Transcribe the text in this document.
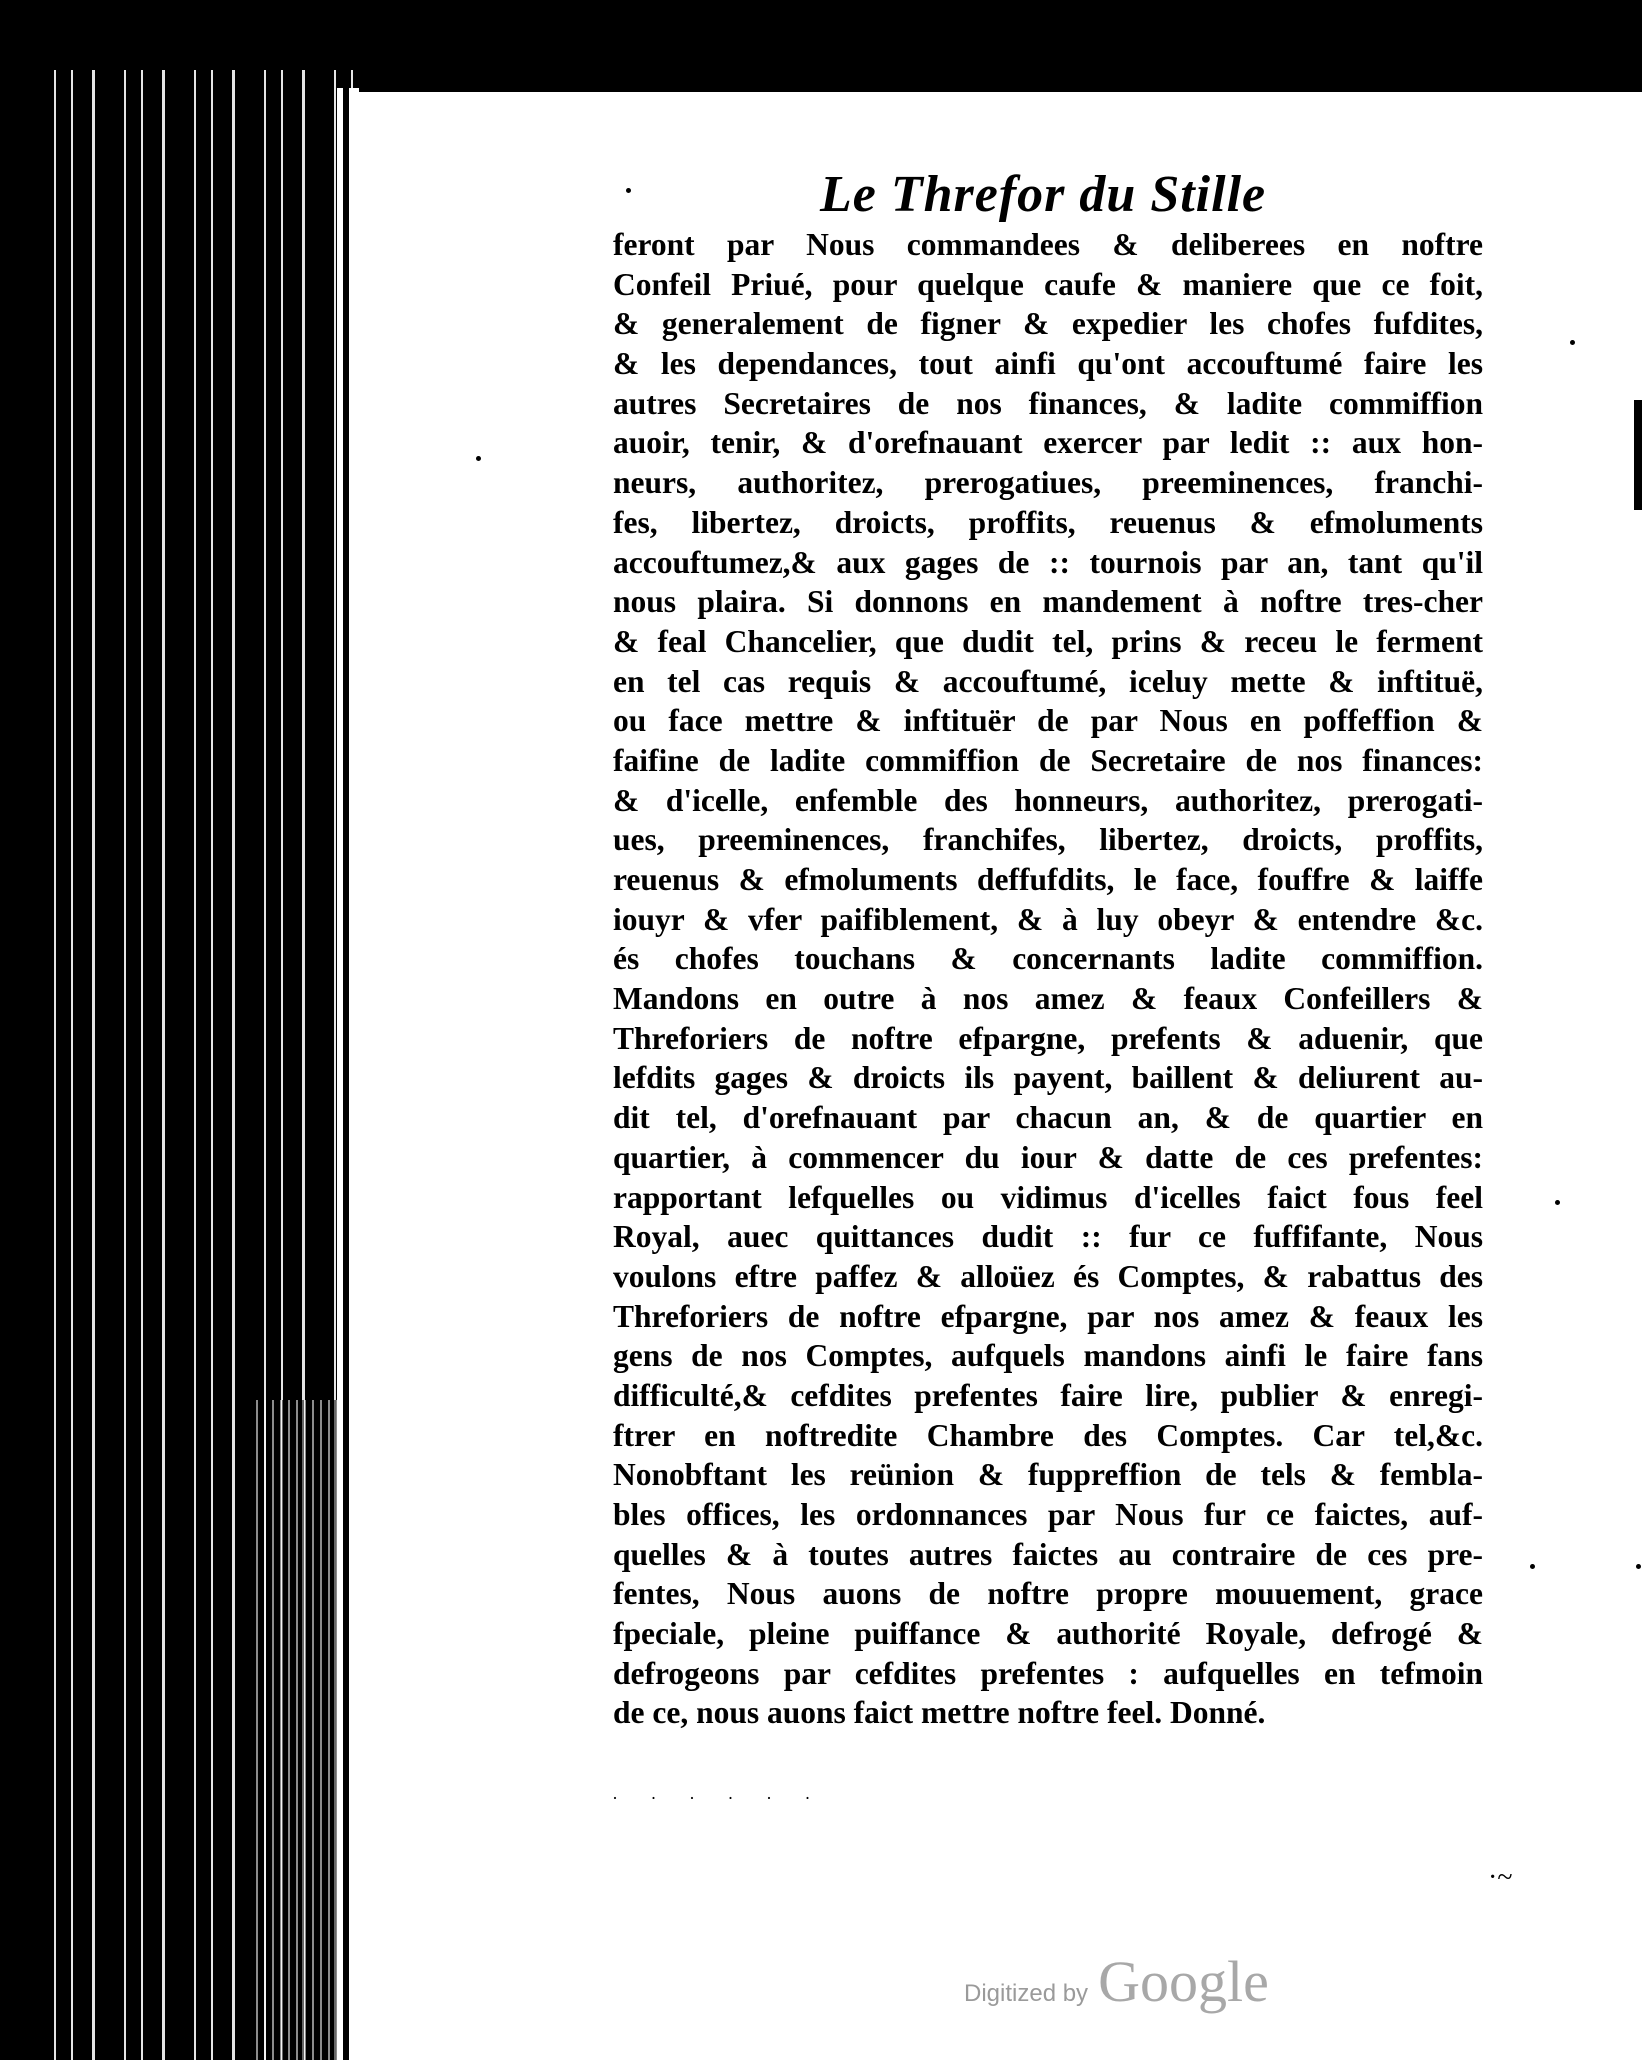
Le Threfor du Stille
feront par Nous commandees & deliberees en noftre
Confeil Priué, pour quelque caufe & maniere que ce foit,
& generalement de figner & expedier les chofes fufdites,
& les dependances, tout ainfi qu'ont accouftumé faire les
autres Secretaires de nos finances, & ladite commiffion
auoir, tenir, & d'orefnauant exercer par ledit :: aux hon-
neurs, authoritez, prerogatiues, preeminences, franchi-
fes, libertez, droicts, proffits, reuenus & efmoluments
accouftumez,& aux gages de :: tournois par an, tant qu'il
nous plaira. Si donnons en mandement à noftre tres-cher
& feal Chancelier, que dudit tel, prins & receu le ferment
en tel cas requis & accouftumé, iceluy mette & inftituë,
ou face mettre & inftituër de par Nous en poffeffion &
faifine de ladite commiffion de Secretaire de nos finances:
& d'icelle, enfemble des honneurs, authoritez, prerogati-
ues, preeminences, franchifes, libertez, droicts, proffits,
reuenus & efmoluments deffufdits, le face, fouffre & laiffe
iouyr & vfer paifiblement, & à luy obeyr & entendre &c.
és chofes touchans & concernants ladite commiffion.
Mandons en outre à nos amez & feaux Confeillers &
Threforiers de noftre efpargne, prefents & aduenir, que
lefdits gages & droicts ils payent, baillent & deliurent au-
dit tel, d'orefnauant par chacun an, & de quartier en
quartier, à commencer du iour & datte de ces prefentes:
rapportant lefquelles ou vidimus d'icelles faict fous feel
Royal, auec quittances dudit :: fur ce fuffifante, Nous
voulons eftre paffez & alloüez és Comptes, & rabattus des
Threforiers de noftre efpargne, par nos amez & feaux les
gens de nos Comptes, aufquels mandons ainfi le faire fans
difficulté,& cefdites prefentes faire lire, publier & enregi-
ftrer en noftredite Chambre des Comptes. Car tel,&c.
Nonobftant les reünion & fuppreffion de tels & fembla-
bles offices, les ordonnances par Nous fur ce faictes, auf-
quelles & à toutes autres faictes au contraire de ces pre-
fentes, Nous auons de noftre propre mouuement, grace
fpeciale, pleine puiffance & authorité Royale, defrogé &
defrogeons par cefdites prefentes : aufquelles en tefmoin
de ce, nous auons faict mettre noftre feel. Donné.
· · · · · ·
·~
Digitized by Google
